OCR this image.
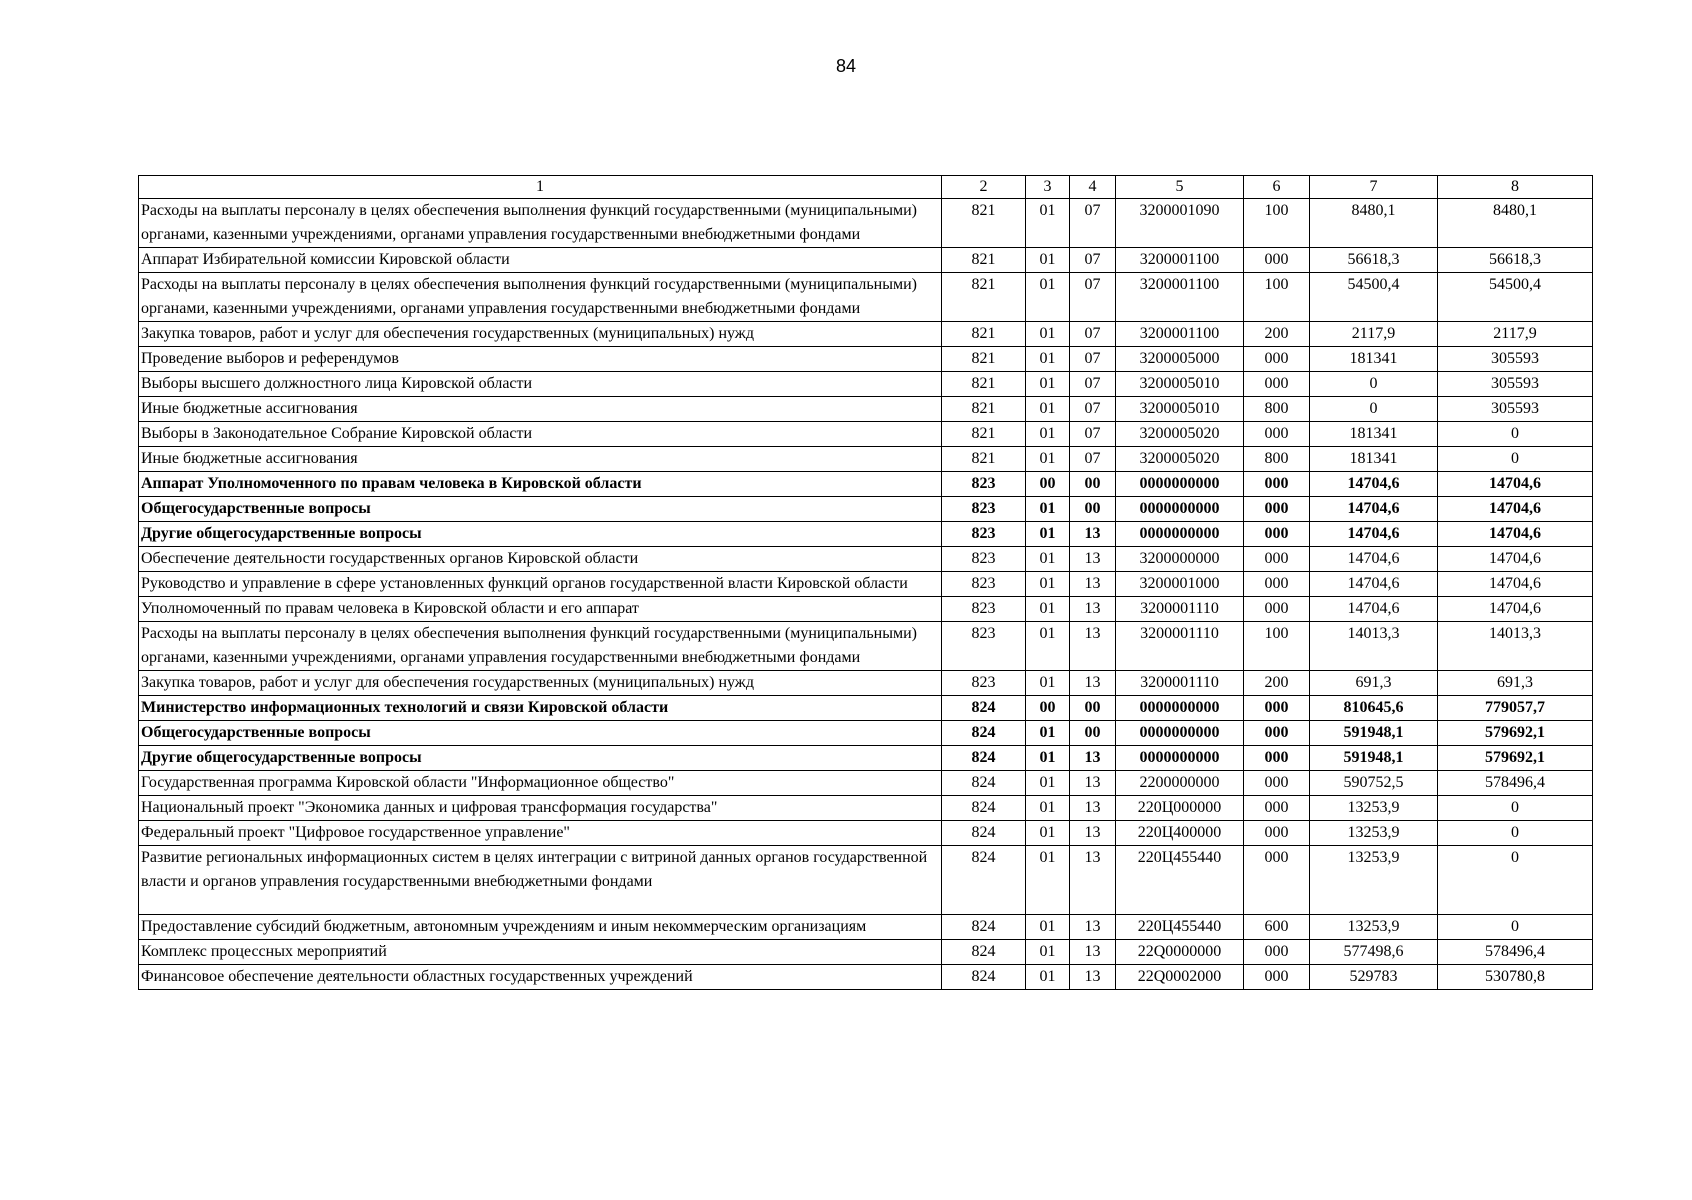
84
1	2	3	4	5	6	7	8
Расходы на выплаты персоналу в целях обеспечения выполнения функций государственными (муниципальными) органами, казенными учреждениями, органами управления государственными внебюджетными фондами	821	01	07	3200001090	100	8480,1	8480,1
Аппарат Избирательной комиссии Кировской области	821	01	07	3200001100	000	56618,3	56618,3
Расходы на выплаты персоналу в целях обеспечения выполнения функций государственными (муниципальными) органами, казенными учреждениями, органами управления государственными внебюджетными фондами	821	01	07	3200001100	100	54500,4	54500,4
Закупка товаров, работ и услуг для обеспечения государственных (муниципальных) нужд	821	01	07	3200001100	200	2117,9	2117,9
Проведение выборов и референдумов	821	01	07	3200005000	000	181341	305593
Выборы высшего должностного лица Кировской области	821	01	07	3200005010	000	0	305593
Иные бюджетные ассигнования	821	01	07	3200005010	800	0	305593
Выборы в Законодательное Собрание Кировской области	821	01	07	3200005020	000	181341	0
Иные бюджетные ассигнования	821	01	07	3200005020	800	181341	0
Аппарат Уполномоченного по правам человека в Кировской области	823	00	00	0000000000	000	14704,6	14704,6
Общегосударственные вопросы	823	01	00	0000000000	000	14704,6	14704,6
Другие общегосударственные вопросы	823	01	13	0000000000	000	14704,6	14704,6
Обеспечение деятельности государственных органов Кировской области	823	01	13	3200000000	000	14704,6	14704,6
Руководство и управление в сфере установленных функций органов государственной власти Кировской области	823	01	13	3200001000	000	14704,6	14704,6
Уполномоченный по правам человека в Кировской области и его аппарат	823	01	13	3200001110	000	14704,6	14704,6
Расходы на выплаты персоналу в целях обеспечения выполнения функций государственными (муниципальными) органами, казенными учреждениями, органами управления государственными внебюджетными фондами	823	01	13	3200001110	100	14013,3	14013,3
Закупка товаров, работ и услуг для обеспечения государственных (муниципальных) нужд	823	01	13	3200001110	200	691,3	691,3
Министерство информационных технологий и связи Кировской области	824	00	00	0000000000	000	810645,6	779057,7
Общегосударственные вопросы	824	01	00	0000000000	000	591948,1	579692,1
Другие общегосударственные вопросы	824	01	13	0000000000	000	591948,1	579692,1
Государственная программа Кировской области "Информационное общество"	824	01	13	2200000000	000	590752,5	578496,4
Национальный проект "Экономика данных и цифровая трансформация государства"	824	01	13	220Ц000000	000	13253,9	0
Федеральный проект "Цифровое государственное управление"	824	01	13	220Ц400000	000	13253,9	0
Развитие региональных информационных систем в целях интеграции с витриной данных органов государственной власти и органов управления государственными внебюджетными фондами	824	01	13	220Ц455440	000	13253,9	0
Предоставление субсидий бюджетным, автономным учреждениям и иным некоммерческим организациям	824	01	13	220Ц455440	600	13253,9	0
Комплекс процессных мероприятий	824	01	13	22Q0000000	000	577498,6	578496,4
Финансовое обеспечение деятельности областных государственных учреждений	824	01	13	22Q0002000	000	529783	530780,8
